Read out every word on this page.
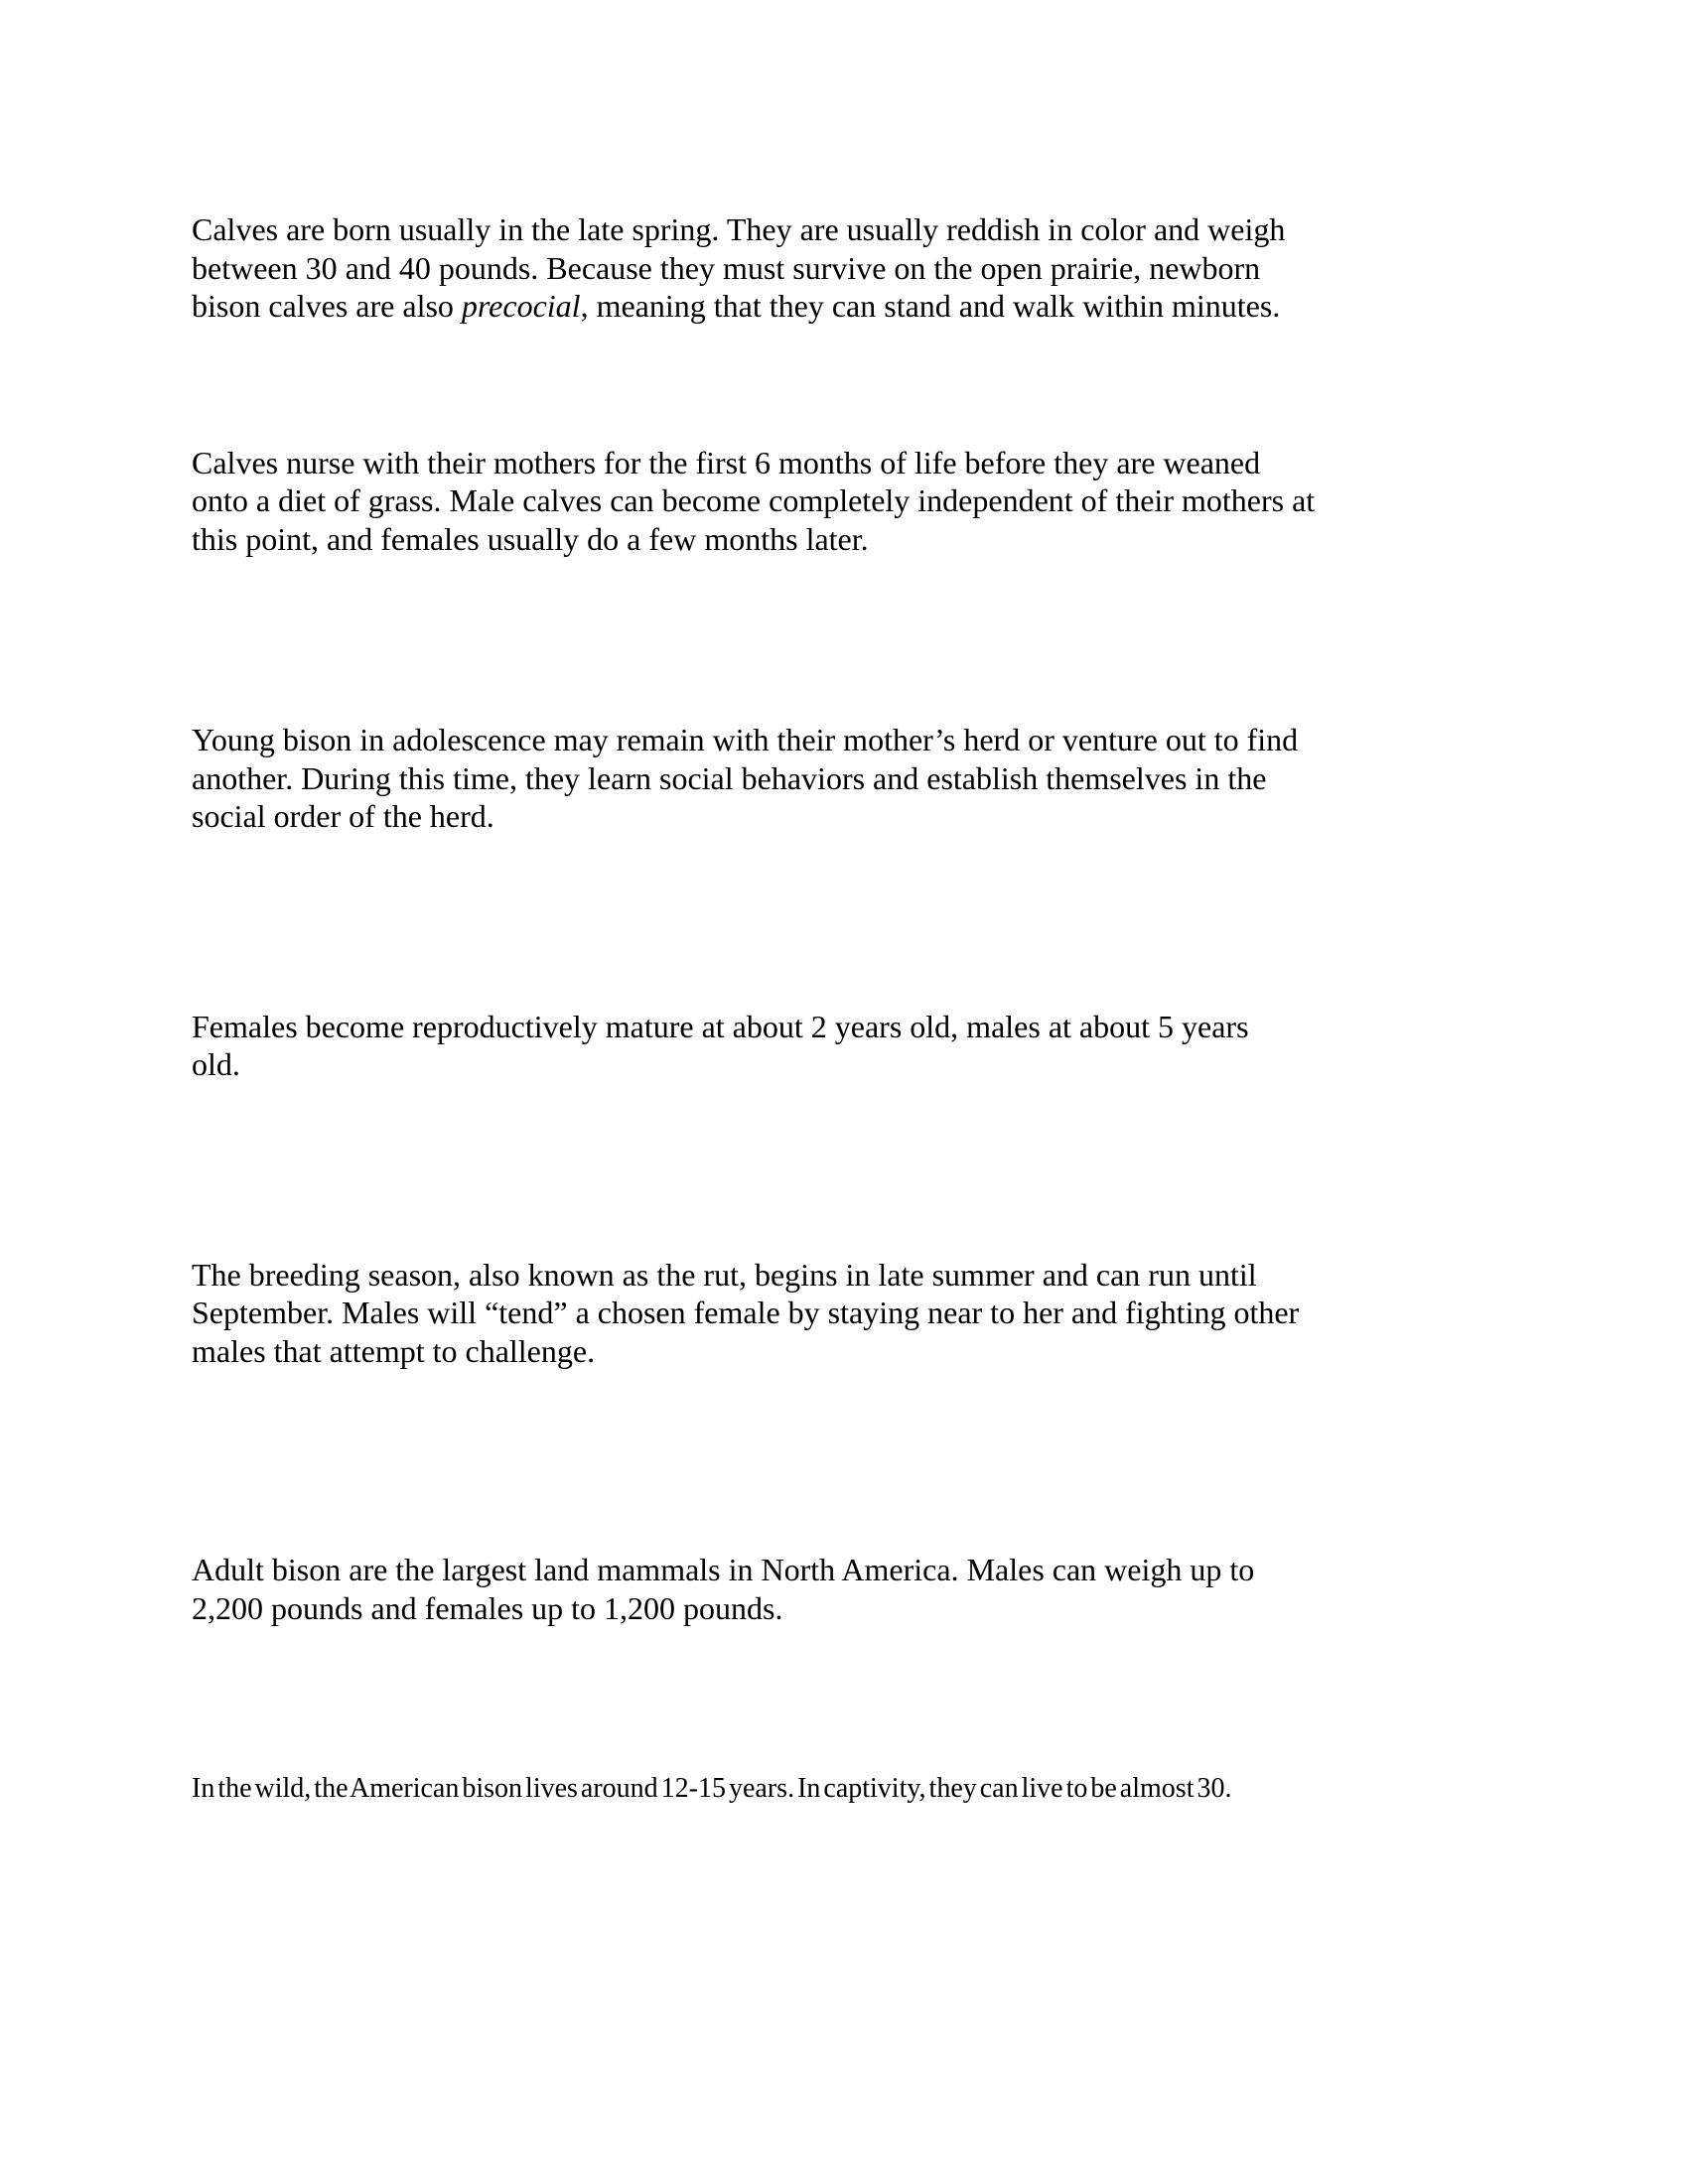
Calves are born usually in the late spring. They are usually reddish in color and weigh
between 30 and 40 pounds. Because they must survive on the open prairie, newborn
bison calves are also precocial, meaning that they can stand and walk within minutes.

Calves nurse with their mothers for the first 6 months of life before they are weaned
onto a diet of grass. Male calves can become completely independent of their mothers at
this point, and females usually do a few months later.

Young bison in adolescence may remain with their mother’s herd or venture out to find
another. During this time, they learn social behaviors and establish themselves in the
social order of the herd.

Females become reproductively mature at about 2 years old, males at about 5 years
old.

The breeding season, also known as the rut, begins in late summer and can run until
September. Males will “tend” a chosen female by staying near to her and fighting other
males that attempt to challenge.

Adult bison are the largest land mammals in North America. Males can weigh up to
2,200 pounds and females up to 1,200 pounds.

In the wild, the American bison lives around 12-15 years. In captivity, they can live to be almost 30.
